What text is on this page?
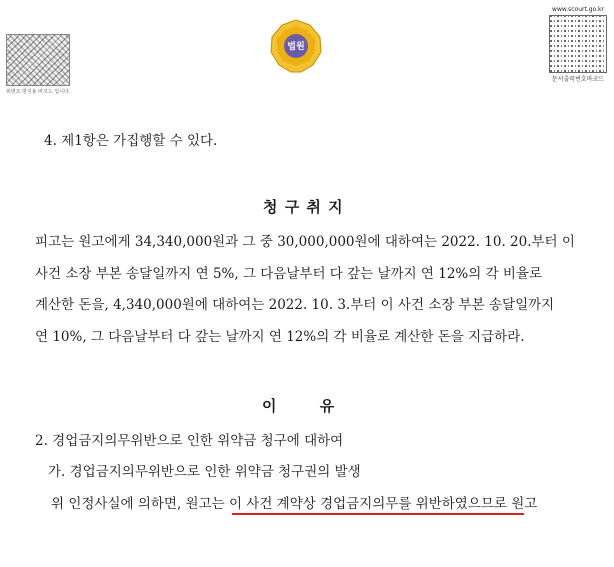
위변조 방지용 바코드 입니다.
법원
www.scourt.go.kr
문서출력번호바코드
4. 제1항은 가집행할 수 있다.
청 구 취 지
피고는 원고에게 34,340,000원과 그 중 30,000,000원에 대하여는 2022. 10. 20.부터 이
사건 소장 부본 송달일까지 연 5%, 그 다음날부터 다 갚는 날까지 연 12%의 각 비율로
계산한 돈을, 4,340,000원에 대하여는 2022. 10. 3.부터 이 사건 소장 부본 송달일까지
연 10%, 그 다음날부터 다 갚는 날까지 연 12%의 각 비율로 계산한 돈을 지급하라.
이 유
2. 경업금지의무위반으로 인한 위약금 청구에 대하여
가. 경업금지의무위반으로 인한 위약금 청구권의 발생
위 인정사실에 의하면, 원고는 이 사건 계약상 경업금지의무를 위반하였으므로 원고
